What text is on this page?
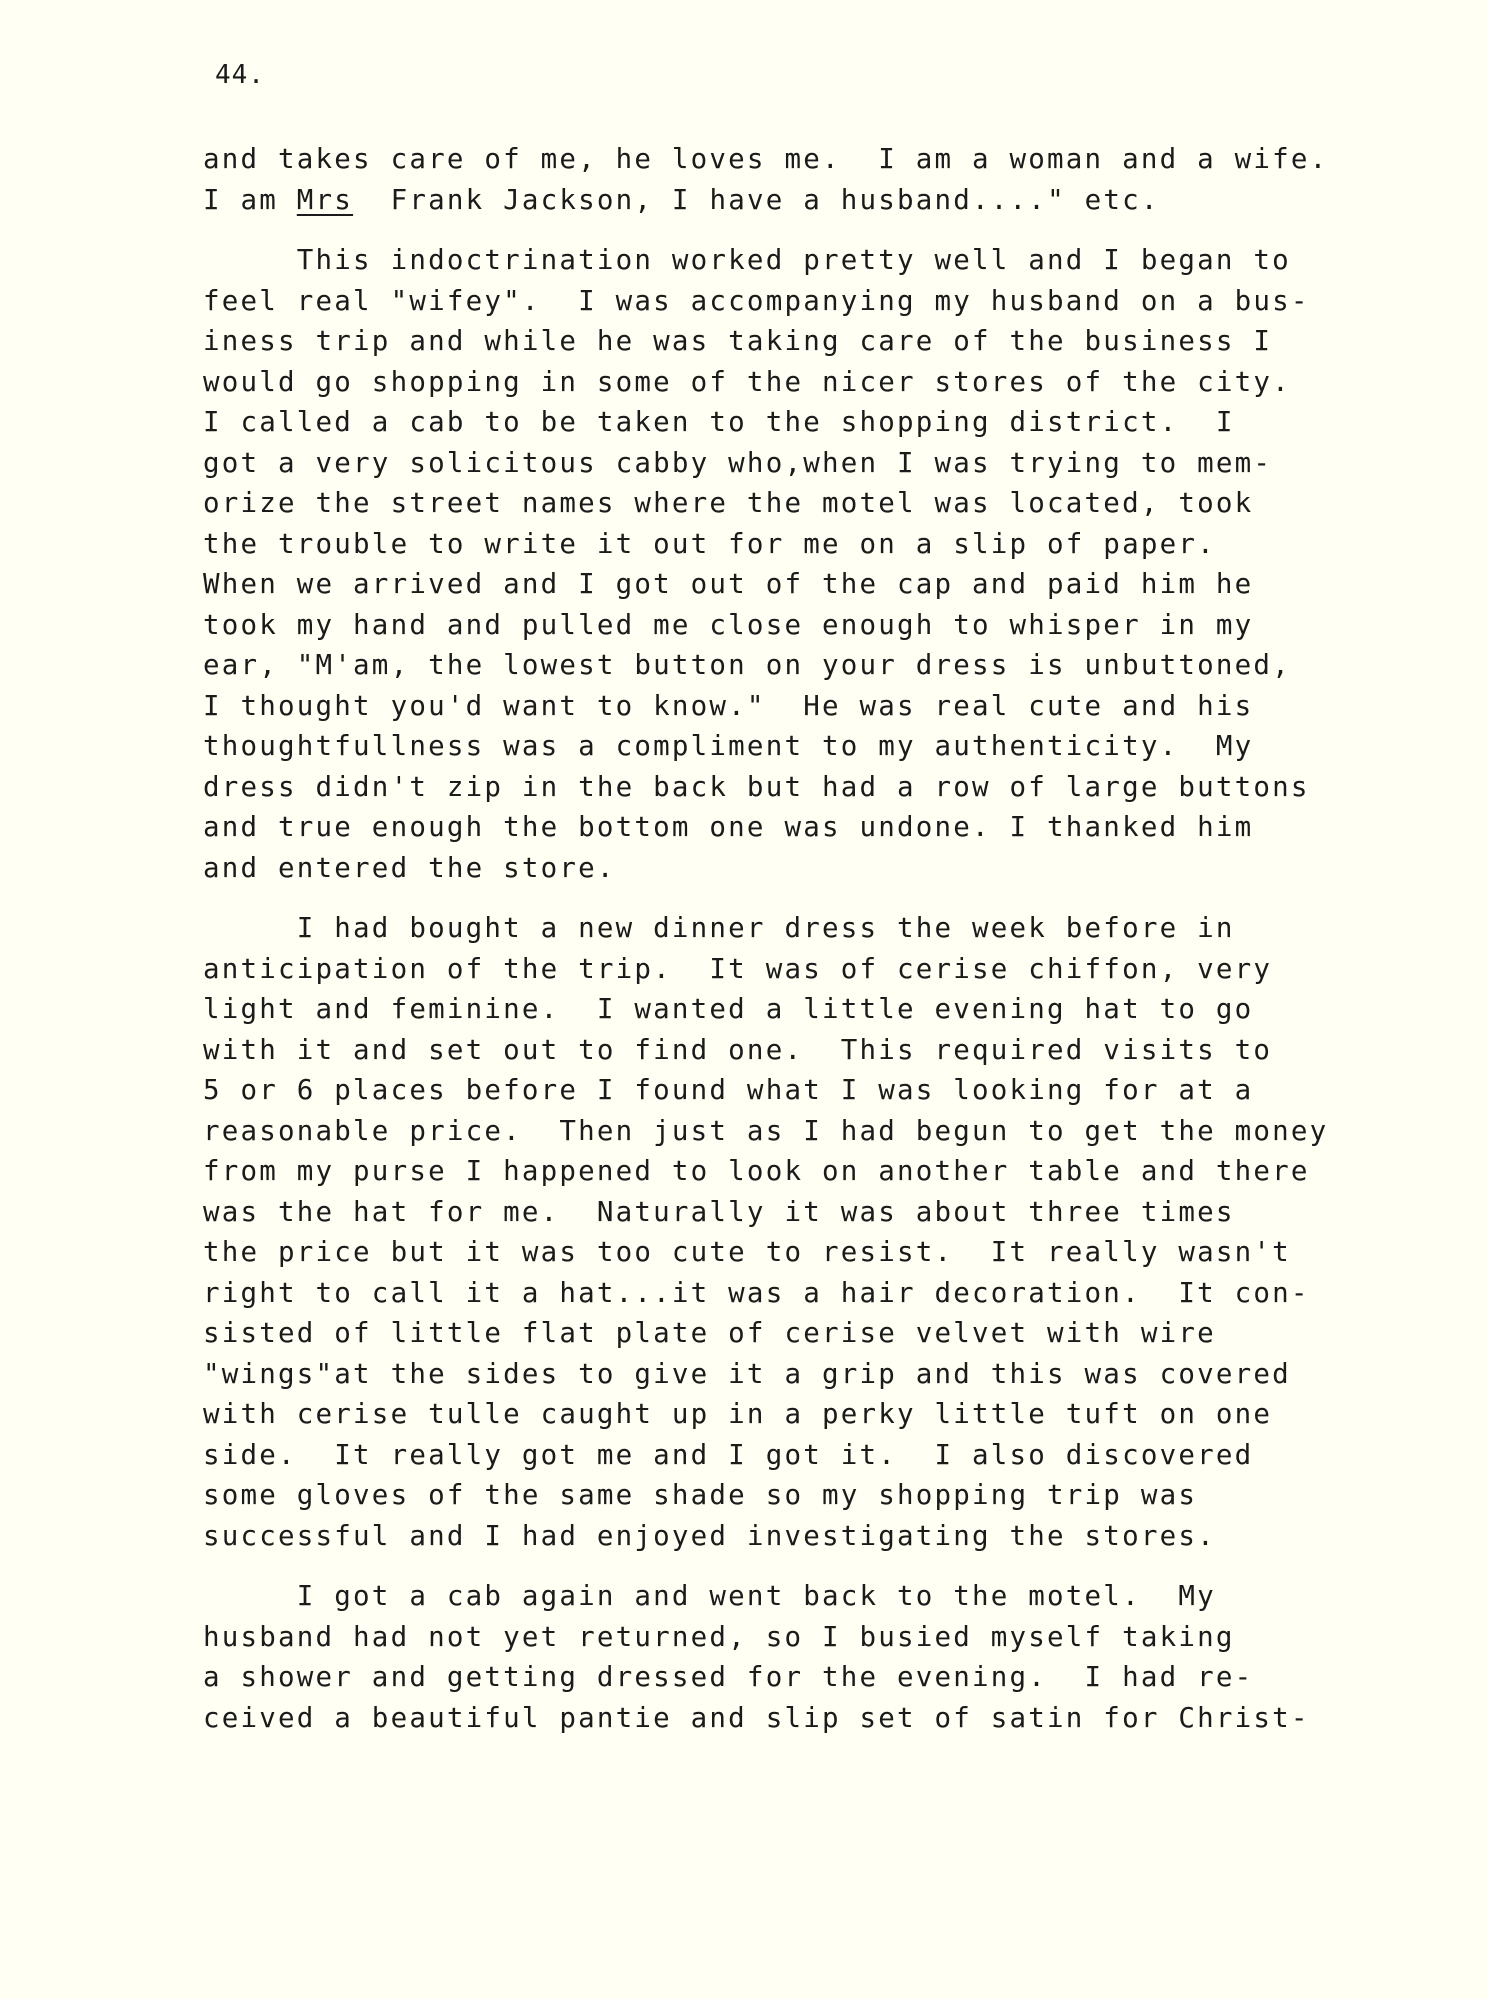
44.
and takes care of me, he loves me.  I am a woman and a wife.
I am Mrs  Frank Jackson, I have a husband...." etc.
This indoctrination worked pretty well and I began to
feel real "wifey".  I was accompanying my husband on a bus-
iness trip and while he was taking care of the business I
would go shopping in some of the nicer stores of the city.
I called a cab to be taken to the shopping district.  I
got a very solicitous cabby who,when I was trying to mem-
orize the street names where the motel was located, took
the trouble to write it out for me on a slip of paper.
When we arrived and I got out of the cap and paid him he
took my hand and pulled me close enough to whisper in my
ear, "M'am, the lowest button on your dress is unbuttoned,
I thought you'd want to know."  He was real cute and his
thoughtfullness was a compliment to my authenticity.  My
dress didn't zip in the back but had a row of large buttons
and true enough the bottom one was undone. I thanked him
and entered the store.
I had bought a new dinner dress the week before in
anticipation of the trip.  It was of cerise chiffon, very
light and feminine.  I wanted a little evening hat to go
with it and set out to find one.  This required visits to
5 or 6 places before I found what I was looking for at a
reasonable price.  Then just as I had begun to get the money
from my purse I happened to look on another table and there
was the hat for me.  Naturally it was about three times
the price but it was too cute to resist.  It really wasn't
right to call it a hat...it was a hair decoration.  It con-
sisted of little flat plate of cerise velvet with wire
"wings"at the sides to give it a grip and this was covered
with cerise tulle caught up in a perky little tuft on one
side.  It really got me and I got it.  I also discovered
some gloves of the same shade so my shopping trip was
successful and I had enjoyed investigating the stores.
I got a cab again and went back to the motel.  My
husband had not yet returned, so I busied myself taking
a shower and getting dressed for the evening.  I had re-
ceived a beautiful pantie and slip set of satin for Christ-
